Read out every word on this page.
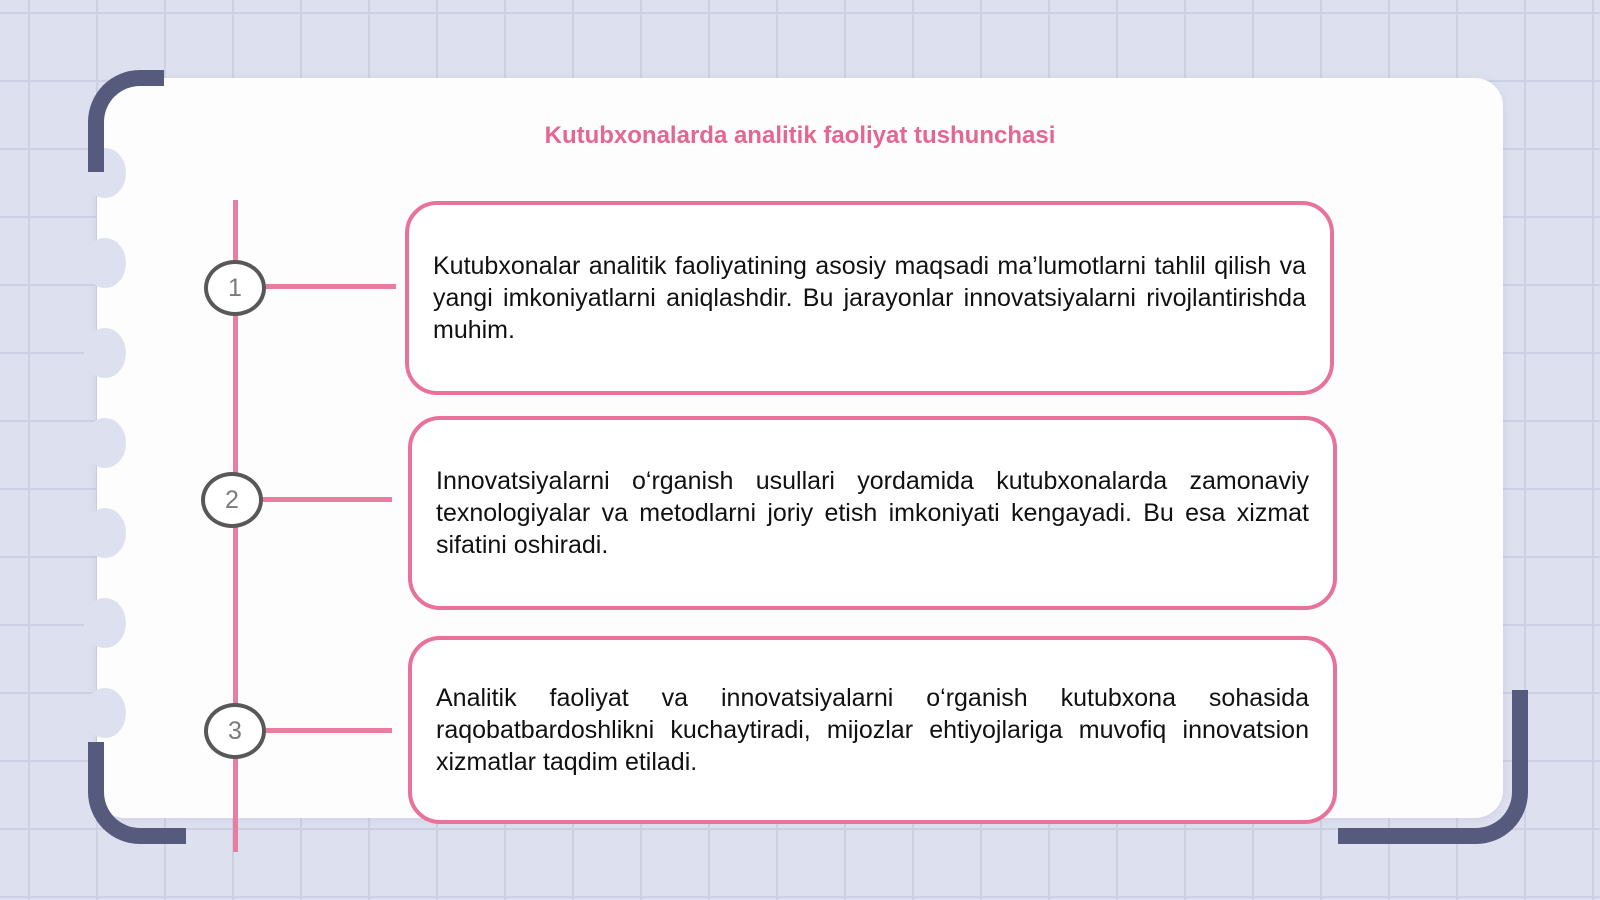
Kutubxonalarda analitik faoliyat tushunchasi
1
2
3

Kutubxonalar analitik faoliyatining asosiy maqsadi ma’lumotlarni tahlil qilish va yangi imkoniyatlarni aniqlashdir. Bu jarayonlar innovatsiyalarni rivojlantirishda muhim.

Innovatsiyalarni o‘rganish usullari yordamida kutubxonalarda zamonaviy texnologiyalar va metodlarni joriy etish imkoniyati kengayadi. Bu esa xizmat sifatini oshiradi.

Analitik faoliyat va innovatsiyalarni o‘rganish kutubxona sohasida raqobatbardoshlikni kuchaytiradi, mijozlar ehtiyojlariga muvofiq innovatsion xizmatlar taqdim etiladi.
